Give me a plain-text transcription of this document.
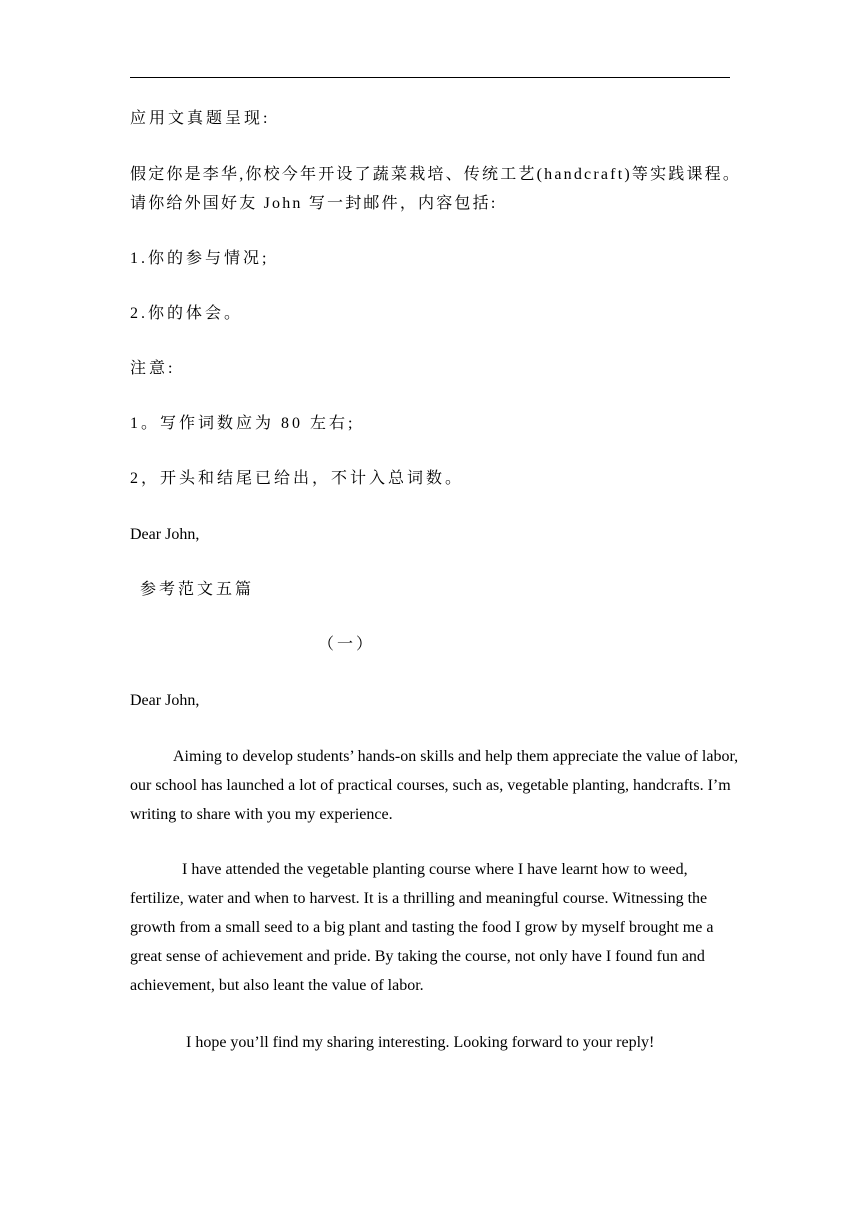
应用文真题呈现:
假定你是李华,你校今年开设了蔬菜栽培、传统工艺(handcraft)等实践课程。
请你给外国好友 John 写一封邮件，内容包括:
1.你的参与情况;
2.你的体会。
注意:
1。写作词数应为 80 左右;
2，开头和结尾已给出，不计入总词数。
Dear John,
参考范文五篇
（一）
Dear John,

Aiming to develop students’ hands-on skills and help them appreciate the value of labor, our school has launched a lot of practical courses, such as, vegetable planting, handcrafts. I’m writing to share with you my experience.

I have attended the vegetable planting course where I have learnt how to weed, fertilize, water and when to harvest. It is a thrilling and meaningful course. Witnessing the growth from a small seed to a big plant and tasting the food I grow by myself brought me a great sense of achievement and pride. By taking the course, not only have I found fun and achievement, but also leant the value of labor.

I hope you’ll find my sharing interesting. Looking forward to your reply!
